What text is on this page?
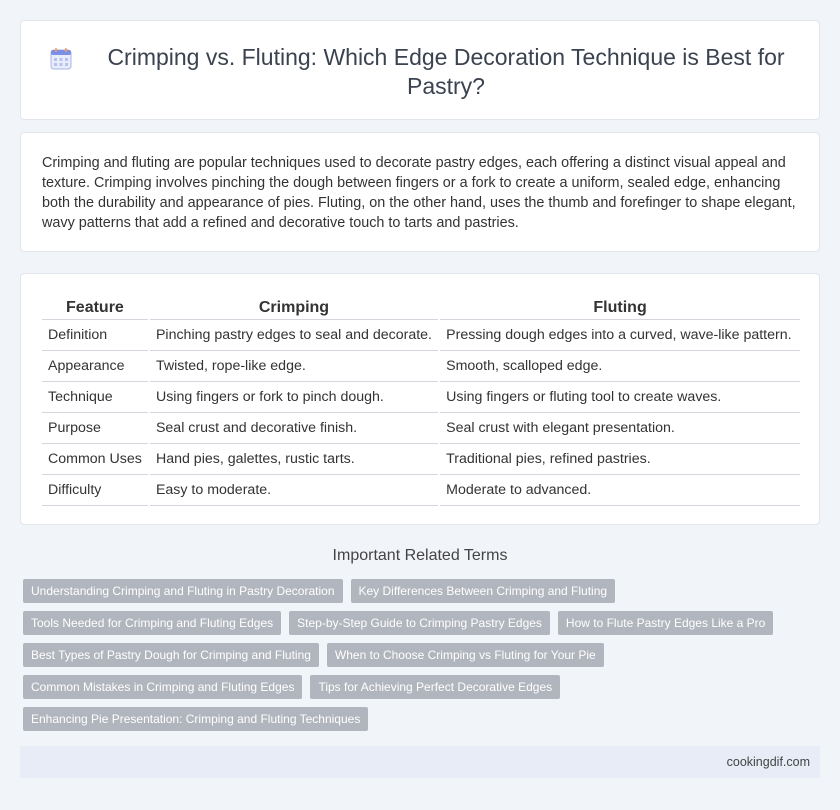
Crimping vs. Fluting: Which Edge Decoration Technique is Best for Pastry?

Crimping and fluting are popular techniques used to decorate pastry edges, each offering a distinct visual appeal and texture. Crimping involves pinching the dough between fingers or a fork to create a uniform, sealed edge, enhancing both the durability and appearance of pies. Fluting, on the other hand, uses the thumb and forefinger to shape elegant, wavy patterns that add a refined and decorative touch to tarts and pastries.

Feature		Crimping		Fluting
Definition		Pinching pastry edges to seal and decorate.		Pressing dough edges into a curved, wave-like pattern.
Appearance		Twisted, rope-like edge.		Smooth, scalloped edge.
Technique		Using fingers or fork to pinch dough.		Using fingers or fluting tool to create waves.
Purpose		Seal crust and decorative finish.		Seal crust with elegant presentation.
Common Uses		Hand pies, galettes, rustic tarts.		Traditional pies, refined pastries.
Difficulty		Easy to moderate.		Moderate to advanced.
Important Related Terms
Understanding Crimping and Fluting in Pastry Decoration	Key Differences Between Crimping and Fluting
Tools Needed for Crimping and Fluting Edges	Step-by-Step Guide to Crimping Pastry Edges	How to Flute Pastry Edges Like a Pro
Best Types of Pastry Dough for Crimping and Fluting	When to Choose Crimping vs Fluting for Your Pie
Common Mistakes in Crimping and Fluting Edges	Tips for Achieving Perfect Decorative Edges
Enhancing Pie Presentation: Crimping and Fluting Techniques
cookingdif.com
